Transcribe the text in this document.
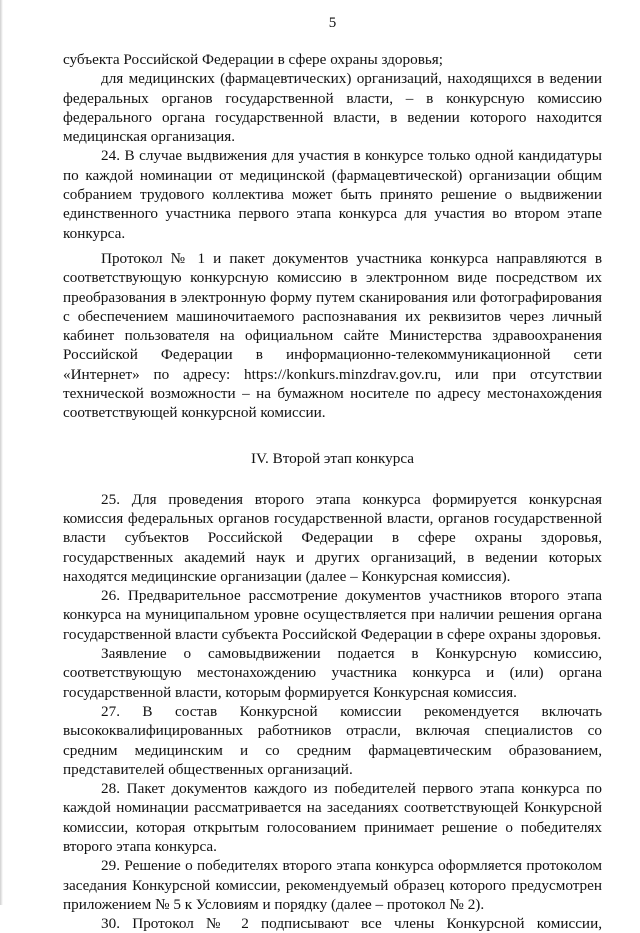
5

субъекта Российской Федерации в сфере охраны здоровья;

для медицинских (фармацевтических) организаций, находящихся в ведении федеральных органов государственной власти, – в конкурсную комиссию федерального органа государственной власти, в ведении которого находится медицинская организация.

24. В случае выдвижения для участия в конкурсе только одной кандидатуры по каждой номинации от медицинской (фармацевтической) организации общим собранием трудового коллектива может быть принято решение о выдвижении единственного участника первого этапа конкурса для участия во втором этапе конкурса.

Протокол № 1 и пакет документов участника конкурса направляются в соответствующую конкурсную комиссию в электронном виде посредством их преобразования в электронную форму путем сканирования или фотографирования с обеспечением машиночитаемого распознавания их реквизитов через личный кабинет пользователя на официальном сайте Министерства здравоохранения Российской Федерации в информационно-телекоммуникационной сети «Интернет» по адресу: https://konkurs.minzdrav.gov.ru, или при отсутствии технической возможности – на бумажном носителе по адресу местонахождения соответствующей конкурсной комиссии.

IV. Второй этап конкурса

25. Для проведения второго этапа конкурса формируется конкурсная комиссия федеральных органов государственной власти, органов государственной власти субъектов Российской Федерации в сфере охраны здоровья, государственных академий наук и других организаций, в ведении которых находятся медицинские организации (далее – Конкурсная комиссия).

26. Предварительное рассмотрение документов участников второго этапа конкурса на муниципальном уровне осуществляется при наличии решения органа государственной власти субъекта Российской Федерации в сфере охраны здоровья.

Заявление о самовыдвижении подается в Конкурсную комиссию, соответствующую местонахождению участника конкурса и (или) органа государственной власти, которым формируется Конкурсная комиссия.

27. В состав Конкурсной комиссии рекомендуется включать высококвалифицированных работников отрасли, включая специалистов со средним медицинским и со средним фармацевтическим образованием, представителей общественных организаций.

28. Пакет документов каждого из победителей первого этапа конкурса по каждой номинации рассматривается на заседаниях соответствующей Конкурсной комиссии, которая открытым голосованием принимает решение о победителях второго этапа конкурса.

29. Решение о победителях второго этапа конкурса оформляется протоколом заседания Конкурсной комиссии, рекомендуемый образец которого предусмотрен приложением № 5 к Условиям и порядку (далее – протокол № 2).

30. Протокол № 2 подписывают все члены Конкурсной комиссии,
